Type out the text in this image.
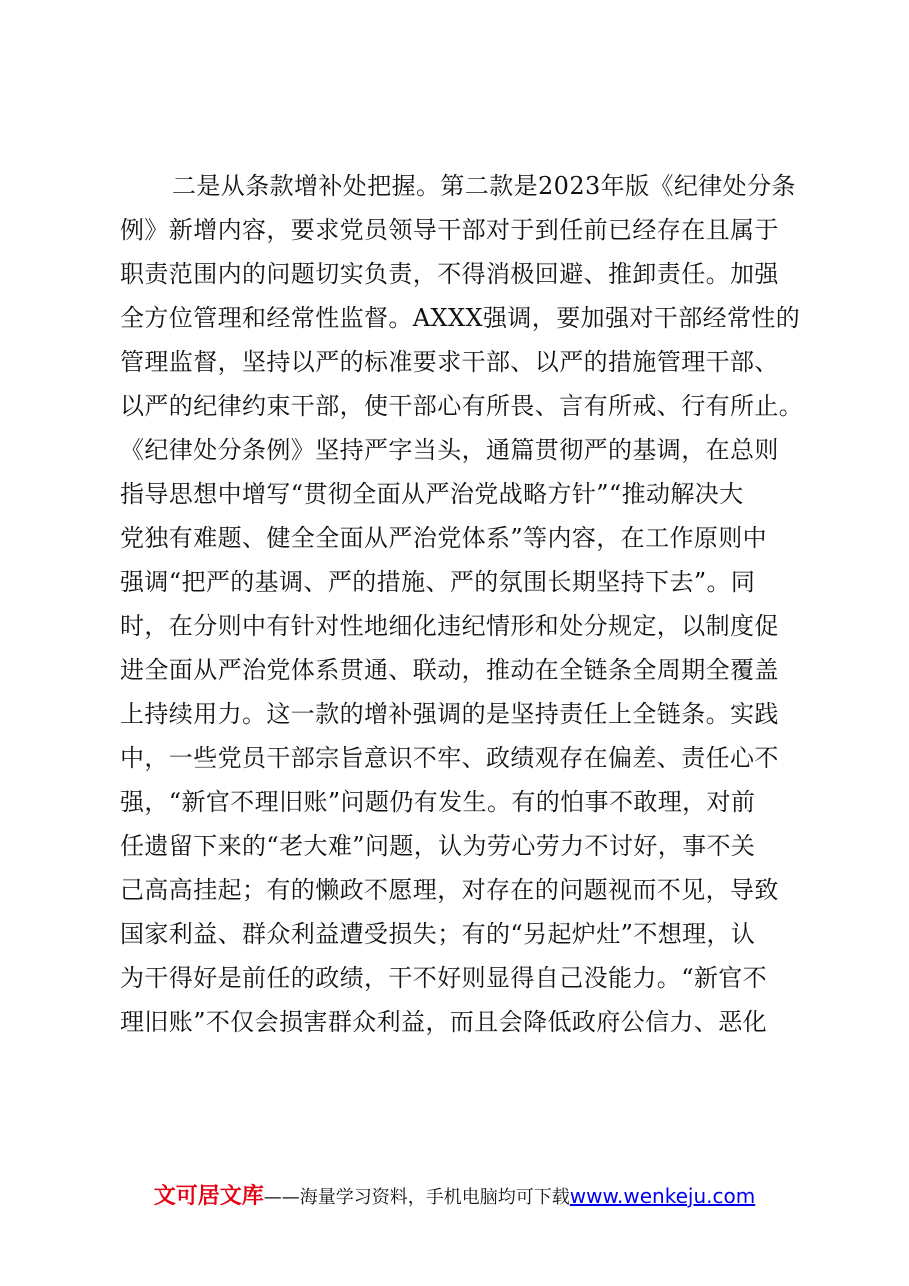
二是从条款增补处把握。第二款是2023年版《纪律处分条
例》新增内容，要求党员领导干部对于到任前已经存在且属于
职责范围内的问题切实负责，不得消极回避、推卸责任。加强
全方位管理和经常性监督。AXXX强调，要加强对干部经常性的
管理监督，坚持以严的标准要求干部、以严的措施管理干部、
以严的纪律约束干部，使干部心有所畏、言有所戒、行有所止。
《纪律处分条例》坚持严字当头，通篇贯彻严的基调，在总则
指导思想中增写“贯彻全面从严治党战略方针”“推动解决大
党独有难题、健全全面从严治党体系”等内容，在工作原则中
强调“把严的基调、严的措施、严的氛围长期坚持下去”。同
时，在分则中有针对性地细化违纪情形和处分规定，以制度促
进全面从严治党体系贯通、联动，推动在全链条全周期全覆盖
上持续用力。这一款的增补强调的是坚持责任上全链条。实践
中，一些党员干部宗旨意识不牢、政绩观存在偏差、责任心不
强，“新官不理旧账”问题仍有发生。有的怕事不敢理，对前
任遗留下来的“老大难”问题，认为劳心劳力不讨好，事不关
己高高挂起；有的懒政不愿理，对存在的问题视而不见，导致
国家利益、群众利益遭受损失；有的“另起炉灶”不想理，认
为干得好是前任的政绩，干不好则显得自己没能力。“新官不
理旧账”不仅会损害群众利益，而且会降低政府公信力、恶化
文可居文库——海量学习资料，手机电脑均可下载www.wenkeju.com
